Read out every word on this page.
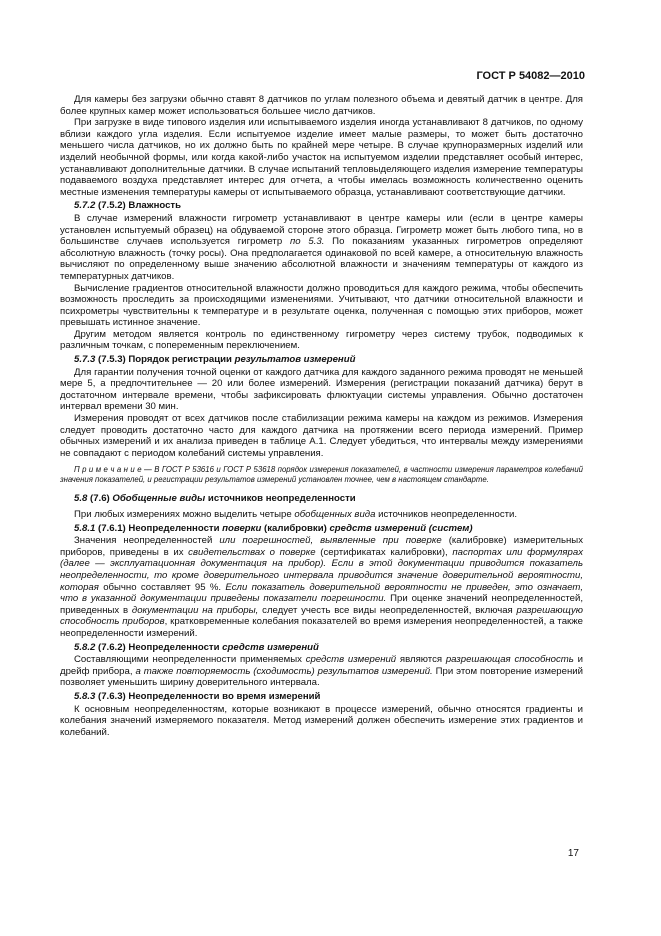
ГОСТ Р 54082—2010

Для камеры без загрузки обычно ставят 8 датчиков по углам полезного объема и девятый датчик в центре. Для более крупных камер может использоваться большее число датчиков.

При загрузке в виде типового изделия или испытываемого изделия иногда устанавливают 8 датчиков, по одному вблизи каждого угла изделия. Если испытуемое изделие имеет малые размеры, то может быть достаточно меньшего числа датчиков, но их должно быть по крайней мере четыре. В случае крупноразмерных изделий или изделий необычной формы, или когда какой-либо участок на испытуемом изделии представляет особый интерес, устанавливают дополнительные датчики. В случае испытаний тепловыделяющего изделия измерение температуры подаваемого воздуха представляет интерес для отчета, а чтобы имелась возможность количественно оценить местные изменения температуры камеры от испытываемого образца, устанавливают соответствующие датчики.

5.7.2 (7.5.2) Влажность

В случае измерений влажности гигрометр устанавливают в центре камеры или (если в центре камеры установлен испытуемый образец) на обдуваемой стороне этого образца. Гигрометр может быть любого типа, но в большинстве случаев используется гигрометр по 5.3. По показаниям указанных гигрометров определяют абсолютную влажность (точку росы). Она предполагается одинаковой по всей камере, а относительную влажность вычисляют по определенному выше значению абсолютной влажности и значениям температуры от каждого из температурных датчиков.

Вычисление градиентов относительной влажности должно проводиться для каждого режима, чтобы обеспечить возможность проследить за происходящими изменениями. Учитывают, что датчики относительной влажности и психрометры чувствительны к температуре и в результате оценка, полученная с помощью этих приборов, может превышать истинное значение.

Другим методом является контроль по единственному гигрометру через систему трубок, подводимых к различным точкам, с попеременным переключением.

5.7.3 (7.5.3) Порядок регистрации результатов измерений

Для гарантии получения точной оценки от каждого датчика для каждого заданного режима проводят не меньшей мере 5, а предпочтительнее — 20 или более измерений. Измерения (регистрации показаний датчика) берут в достаточном интервале времени, чтобы зафиксировать флюктуации системы управления. Обычно достаточен интервал времени 30 мин.

Измерения проводят от всех датчиков после стабилизации режима камеры на каждом из режимов. Измерения следует проводить достаточно часто для каждого датчика на протяжении всего периода измерений. Пример обычных измерений и их анализа приведен в таблице А.1. Следует убедиться, что интервалы между измерениями не совпадают с периодом колебаний системы управления.

П р и м е ч а н и е — В ГОСТ Р 53616 и ГОСТ Р 53618 порядок измерения показателей, в частности измерения параметров колебаний значения показателей, и регистрации результатов измерений установлен точнее, чем в настоящем стандарте.

5.8 (7.6) Обобщенные виды источников неопределенности

При любых измерениях можно выделить четыре обобщенных вида источников неопределенности.

5.8.1 (7.6.1) Неопределенности поверки (калибровки) средств измерений (систем)

Значения неопределенностей или погрешностей, выявленные при поверке (калибровке) измерительных приборов, приведены в их свидетельствах о поверке (сертификатах калибровки), паспортах или формулярах (далее — эксплуатационная документация на прибор). Если в этой документации приводится показатель неопределенности, то кроме доверительного интервала приводится значение доверительной вероятности, которая обычно составляет 95 %. Если показатель доверительной вероятности не приведен, это означает, что в указанной документации приведены показатели погрешности. При оценке значений неопределенностей, приведенных в документации на приборы, следует учесть все виды неопределенностей, включая разрешающую способность приборов, кратковременные колебания показателей во время измерения неопределенностей, а также неопределенности измерений.

5.8.2 (7.6.2) Неопределенности средств измерений

Составляющими неопределенности применяемых средств измерений являются разрешающая способность и дрейф прибора, а также повторяемость (сходимость) результатов измерений. При этом повторение измерений позволяет уменьшить ширину доверительного интервала.

5.8.3 (7.6.3) Неопределенности во время измерений

К основным неопределенностям, которые возникают в процессе измерений, обычно относятся градиенты и колебания значений измеряемого показателя. Метод измерений должен обеспечить измерение этих градиентов и колебаний.

17
